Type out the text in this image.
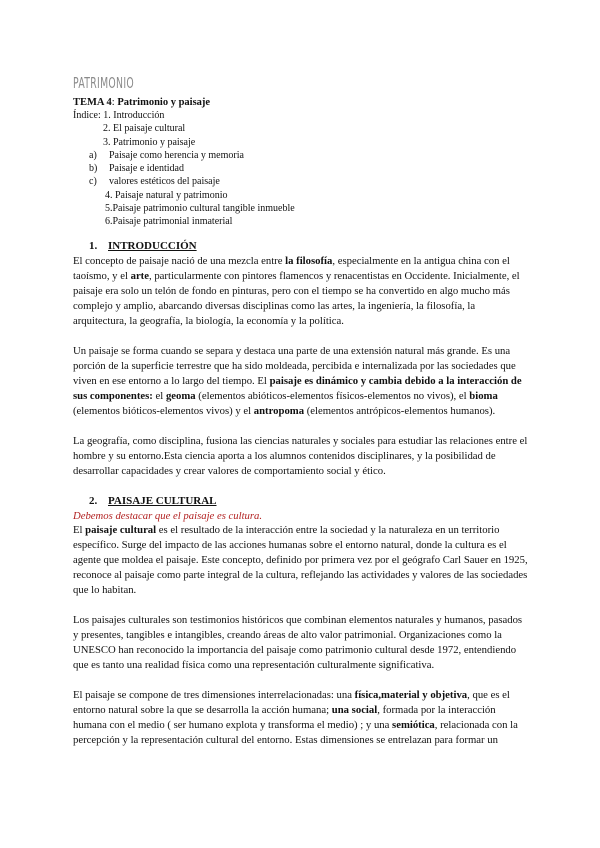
PATRIMONIO
TEMA 4: Patrimonio y paisaje
Índice: 1. Introducción
2. El paisaje cultural
3. Patrimonio y paisaje
a)	Paisaje como herencia y memoria
b)	Paisaje e identidad
c)	valores estéticos del paisaje
4. Paisaje natural y patrimonio
5.Paisaje patrimonio cultural tangible inmueble
6.Paisaje patrimonial inmaterial
1. INTRODUCCIÓN

El concepto de paisaje nació de una mezcla entre la filosofía, especialmente en la antigua china con el taoísmo, y el arte, particularmente con pintores flamencos y renacentistas en Occidente. Inicialmente, el paisaje era solo un telón de fondo en pinturas, pero con el tiempo se ha convertido en algo mucho más complejo y amplio, abarcando diversas disciplinas como las artes, la ingeniería, la filosofía, la arquitectura, la geografía, la biología, la economía y la política.

Un paisaje se forma cuando se separa y destaca una parte de una extensión natural más grande. Es una porción de la superficie terrestre que ha sido moldeada, percibida e internalizada por las sociedades que viven en ese entorno a lo largo del tiempo. El paisaje es dinámico y cambia debido a la interacción de sus componentes: el geoma (elementos abióticos-elementos físicos-elementos no vivos), el bioma (elementos bióticos-elementos vivos) y el antropoma (elementos antrópicos-elementos humanos).

La geografía, como disciplina, fusiona las ciencias naturales y sociales para estudiar las relaciones entre el hombre y su entorno.Esta ciencia aporta a los alumnos contenidos disciplinares, y la posibilidad de desarrollar capacidades y crear valores de comportamiento social y ético.

2. PAISAJE CULTURAL
Debemos destacar que el paisaje es cultura.

El paisaje cultural es el resultado de la interacción entre la sociedad y la naturaleza en un territorio específico. Surge del impacto de las acciones humanas sobre el entorno natural, donde la cultura es el agente que moldea el paisaje. Este concepto, definido por primera vez por el geógrafo Carl Sauer en 1925, reconoce al paisaje como parte integral de la cultura, reflejando las actividades y valores de las sociedades que lo habitan.

Los paisajes culturales son testimonios históricos que combinan elementos naturales y humanos, pasados y presentes, tangibles e intangibles, creando áreas de alto valor patrimonial. Organizaciones como la UNESCO han reconocido la importancia del paisaje como patrimonio cultural desde 1972, entendiendo que es tanto una realidad física como una representación culturalmente significativa.

El paisaje se compone de tres dimensiones interrelacionadas: una física,material y objetiva, que es el entorno natural sobre la que se desarrolla la acción humana; una social, formada por la interacción humana con el medio ( ser humano explota y transforma el medio) ; y una semiótica, relacionada con la percepción y la representación cultural del entorno. Estas dimensiones se entrelazan para formar un
